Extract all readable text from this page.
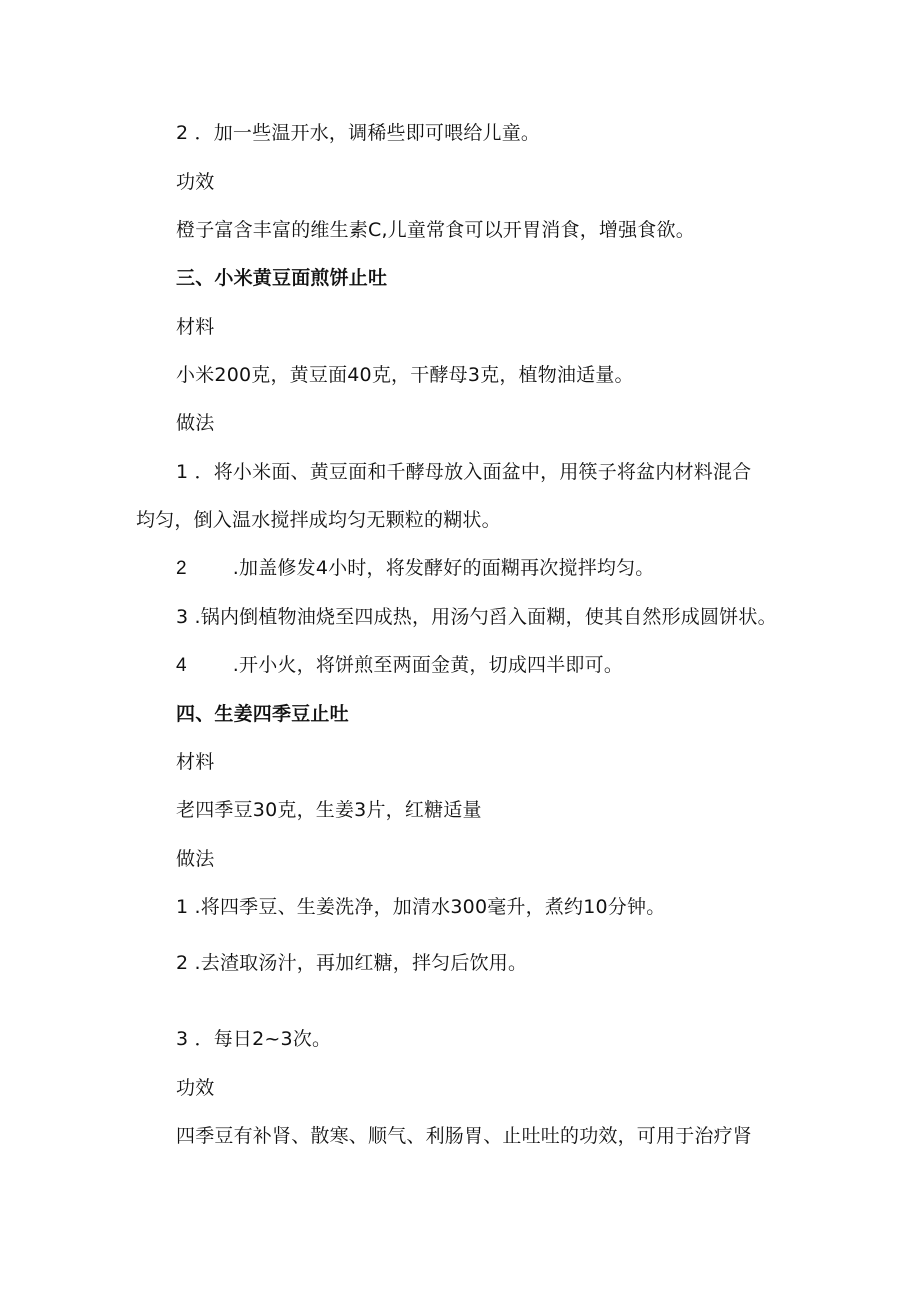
2 ．加一些温开水，调稀些即可喂给儿童。
功效
橙子富含丰富的维生素C,儿童常食可以开胃消食，增强食欲。
三、小米黄豆面煎饼止吐
材料
小米200克，黄豆面40克，干酵母3克，植物油适量。
做法
1 ．将小米面、黄豆面和千酵母放入面盆中，用筷子将盆内材料混合
均匀，倒入温水搅拌成均匀无颗粒的糊状。
2 .加盖修发4小时，将发酵好的面糊再次搅拌均匀。
3 .锅内倒植物油烧至四成热，用汤勺舀入面糊，使其自然形成圆饼状。
4 .开小火，将饼煎至两面金黄，切成四半即可。
四、生姜四季豆止吐
材料
老四季豆30克，生姜3片，红糖适量
做法
1 .将四季豆、生姜洗净，加清水300毫升，煮约10分钟。
2 .去渣取汤汁，再加红糖，拌匀后饮用。
3 ．每日2~3次。
功效
四季豆有补肾、散寒、顺气、利肠胃、止吐吐的功效，可用于治疗肾
